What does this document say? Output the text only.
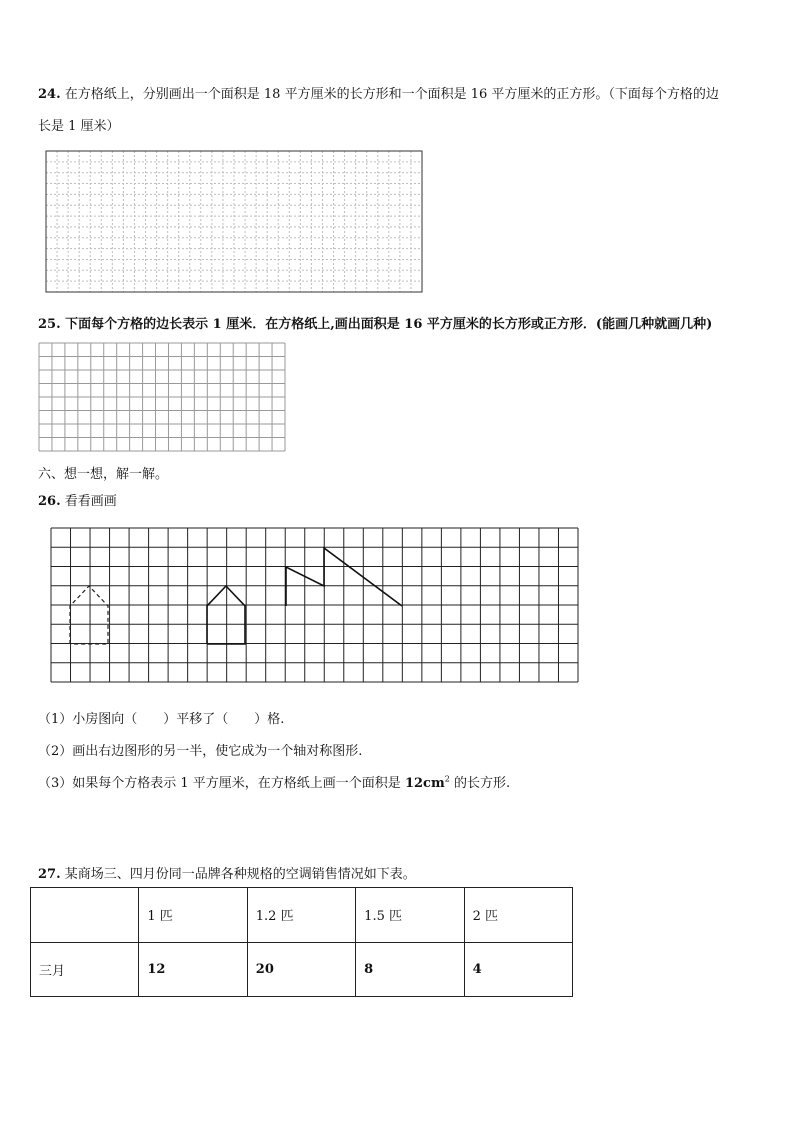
24. 在方格纸上，分别画出一个面积是 18 平方厘米的长方形和一个面积是 16 平方厘米的正方形。（下面每个方格的边
长是 1 厘米）
25. 下面每个方格的边长表示 1 厘米．在方格纸上,画出面积是 16 平方厘米的长方形或正方形．(能画几种就画几种)
六、想一想，解一解。
26. 看看画画
（1）小房图向（　　）平移了（　　）格.
（2）画出右边图形的另一半，使它成为一个轴对称图形.
（3）如果每个方格表示 1 平方厘米，在方格纸上画一个面积是 $12cm^2$ 的长方形.
27. 某商场三、四月份同一品牌各种规格的空调销售情况如下表。
	1 匹	1.2 匹	1.5 匹	2 匹
三月	12	20	8	4
